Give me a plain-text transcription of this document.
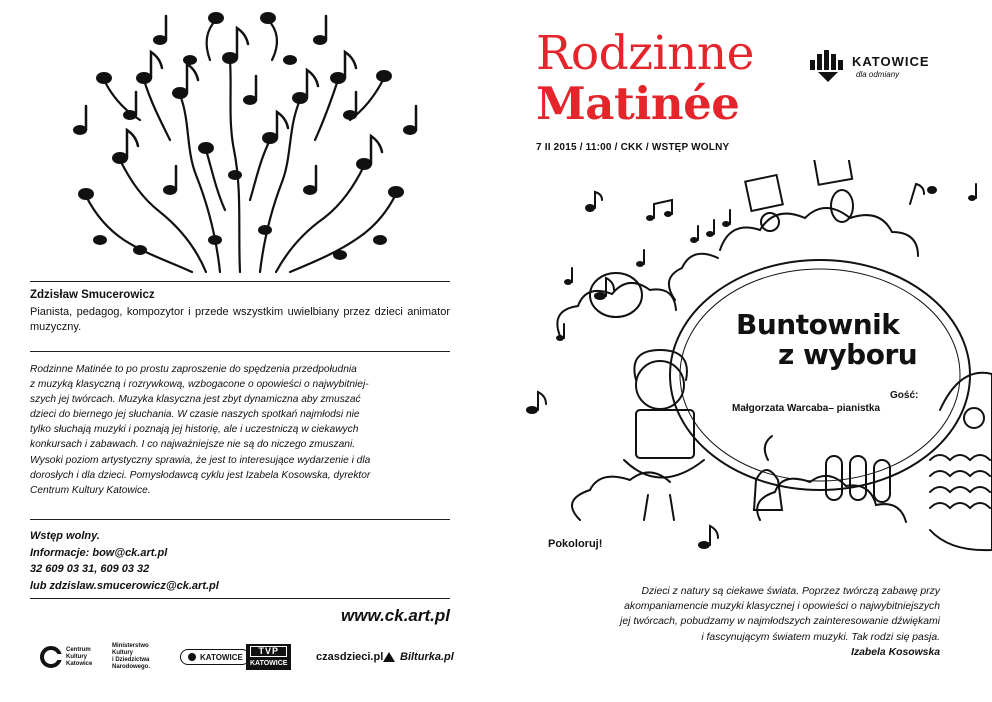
Zdzisław Smucerowicz
Pianista, pedagog, kompozytor i przede wszystkim uwielbiany przez dzieci animator muzyczny.
Rodzinne Matinée to po prostu zaproszenie do spędzenia przedpołudnia
z muzyką klasyczną i rozrywkową, wzbogacone o opowieści o najwybitniej-
szych jej twórcach. Muzyka klasyczna jest zbyt dynamiczna aby zmuszać
dzieci do biernego jej słuchania. W czasie naszych spotkań najmłodsi nie
tylko słuchają muzyki i poznają jej historię, ale i uczestniczą w ciekawych
konkursach i zabawach. I co najważniejsze nie są do niczego zmuszani.
Wysoki poziom artystyczny sprawia, że jest to interesujące wydarzenie i dla
dorosłych i dla dzieci. Pomysłodawcą cyklu jest Izabela Kosowska, dyrektor
Centrum Kultury Katowice.
Wstęp wolny.
Informacje: bow@ck.art.pl
32 609 03 31, 609 03 32
lub zdzislaw.smucerowicz@ck.art.pl
www.ck.art.pl
Centrum
Kultury
Katowice
Ministerstwo
Kultury
i Dziedzictwa
Narodowego.
KATOWICE
TVP
KATOWICE
czasdzieci.pl Bilturka.pl
Rodzinne
Matinée
KATOWICE
dla odmiany
7 II 2015 / 11:00 / CKK / WSTĘP WOLNY
Buntownik
z wyboru
Gość:
Małgorzata Warcaba– pianistka
Pokoloruj!
Dzieci z natury są ciekawe świata. Poprzez twórczą zabawę przy
akompaniamencie muzyki klasycznej i opowieści o najwybitniejszych
jej twórcach, pobudzamy w najmłodszych zainteresowanie dźwiękami
i fascynującym światem muzyki. Tak rodzi się pasja.
Izabela Kosowska
